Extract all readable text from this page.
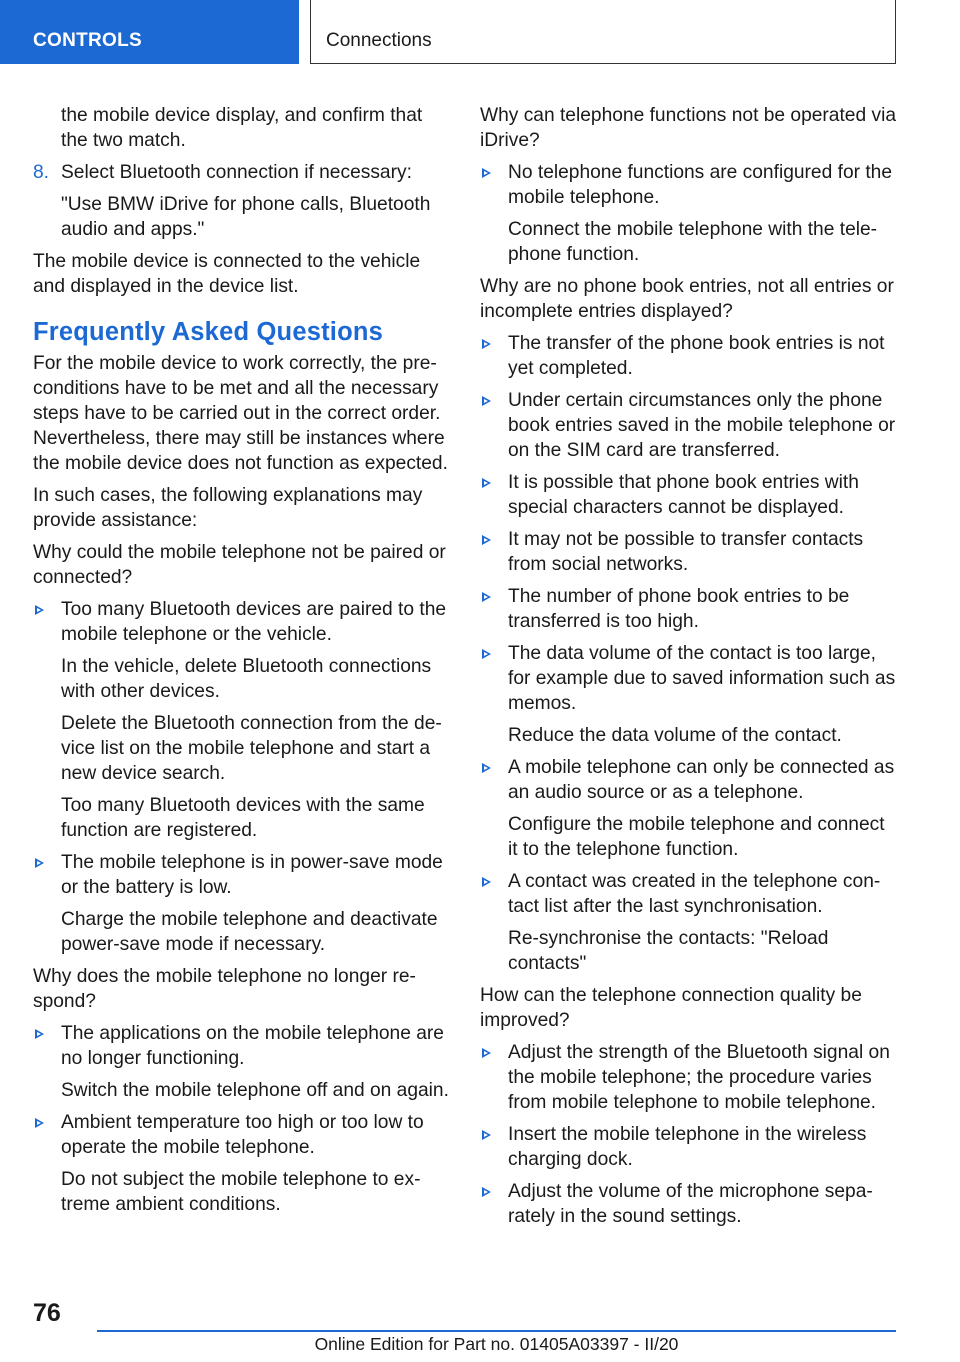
CONTROLS	Connections
the mobile device display, and confirm that the two match.
8. Select Bluetooth connection if necessary:
"Use BMW iDrive for phone calls, Bluetooth audio and apps."

The mobile device is connected to the vehicle and displayed in the device list.

Frequently Asked Questions

For the mobile device to work correctly, the pre‐conditions have to be met and all the necessary steps have to be carried out in the correct order. Nevertheless, there may still be instances where the mobile device does not function as expected.

In such cases, the following explanations may provide assistance:

Why could the mobile telephone not be paired or connected?

Too many Bluetooth devices are paired to the mobile telephone or the vehicle.
In the vehicle, delete Bluetooth connections with other devices.
Delete the Bluetooth connection from the de‐vice list on the mobile telephone and start a new device search.
Too many Bluetooth devices with the same function are registered.
The mobile telephone is in power-save mode or the battery is low.
Charge the mobile telephone and deactivate power-save mode if necessary.

Why does the mobile telephone no longer re‐spond?

The applications on the mobile telephone are no longer functioning.
Switch the mobile telephone off and on again.
Ambient temperature too high or too low to operate the mobile telephone.
Do not subject the mobile telephone to ex‐treme ambient conditions.

Why can telephone functions not be operated via iDrive?

No telephone functions are configured for the mobile telephone.
Connect the mobile telephone with the tele‐phone function.

Why are no phone book entries, not all entries or incomplete entries displayed?

The transfer of the phone book entries is not yet completed.
Under certain circumstances only the phone book entries saved in the mobile telephone or on the SIM card are transferred.
It is possible that phone book entries with special characters cannot be displayed.
It may not be possible to transfer contacts from social networks.
The number of phone book entries to be transferred is too high.
The data volume of the contact is too large, for example due to saved information such as memos.
Reduce the data volume of the contact.
A mobile telephone can only be connected as an audio source or as a telephone.
Configure the mobile telephone and connect it to the telephone function.
A contact was created in the telephone con‐tact list after the last synchronisation.
Re-synchronise the contacts: "Reload contacts"

How can the telephone connection quality be improved?

Adjust the strength of the Bluetooth signal on the mobile telephone; the procedure varies from mobile telephone to mobile telephone.
Insert the mobile telephone in the wireless charging dock.
Adjust the volume of the microphone sepa‐rately in the sound settings.
76
Online Edition for Part no. 01405A03397 - II/20
